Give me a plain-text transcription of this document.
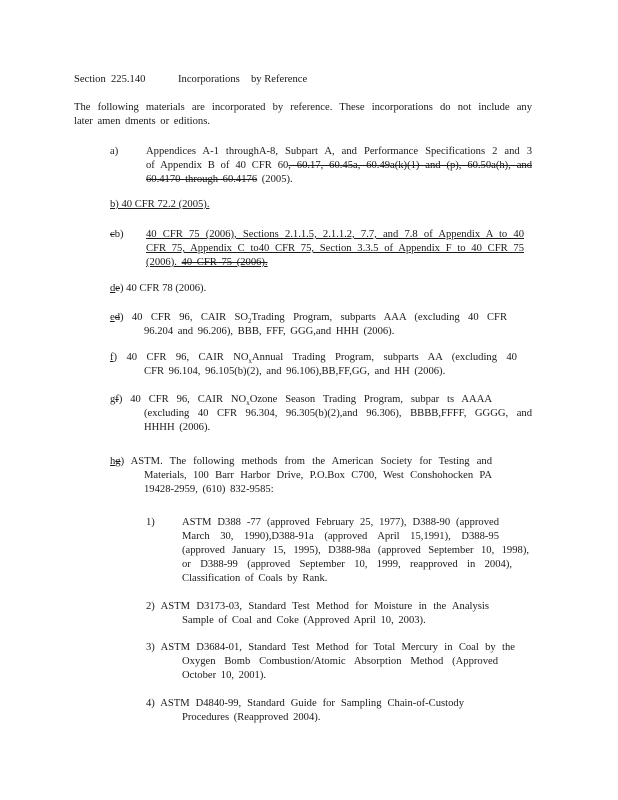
Section 225.140	Incorporations by Reference
The following materials are incorporated by reference. These incorporations do not include any
later amen dments or editions.
a)	Appendices A-1 throughA-8, Subpart A, and Performance Specifications 2 and 3
of Appendix B of 40 CFR 60, 60.17, 60.45a, 60.49a(k)(1) and (p), 60.50a(h), and
60.4170 through 60.4176 (2005).
b) 40 CFR 72.2 (2005).
cb) 40 CFR 75 (2006), Sections 2.1.1.5, 2.1.1.2, 7.7, and 7.8 of Appendix A to 40
CFR 75, Appendix C to40 CFR 75, Section 3.3.5 of Appendix F to 40 CFR 75
(2006). 40 CFR 75 (2006).
de) 40 CFR 78 (2006).
ed) 40 CFR 96, CAIR $SO_2Trading$ Program, subparts AAA (excluding 40 CFR
96.204 and 96.206), BBB, FFF, GGG,and HHH (2006).
f) 40 CFR 96, CAIR $NO_xAnnual$ Trading Program, subparts AA (excluding 40
CFR 96.104, 96.105(b)(2), and 96.106),BB,FF,GG, and HH (2006).
gf) 40 CFR 96, CAIR $NO_xOzone$ Season Trading Program, subpar ts AAAA
(excluding 40 CFR 96.304, 96.305(b)(2),and 96.306), BBBB,FFFF, GGGG, and
HHHH (2006).
hg) ASTM. The following methods from the American Society for Testing and
Materials, 100 Barr Harbor Drive, P.O.Box C700, West Conshohocken PA
19428-2959, (610) 832-9585:
1)	ASTM D388 -77 (approved February 25, 1977), D388-90 (approved
March 30, 1990),D388-91a (approved April 15,1991), D388-95
(approved January 15, 1995), D388-98a (approved September 10, 1998),
or D388-99 (approved September 10, 1999, reapproved in 2004),
Classification of Coals by Rank.
2) ASTM D3173-03, Standard Test Method for Moisture in the Analysis
Sample of Coal and Coke (Approved April 10, 2003).
3) ASTM D3684-01, Standard Test Method for Total Mercury in Coal by the
Oxygen Bomb Combustion/Atomic Absorption Method (Approved
October 10, 2001).
4) ASTM D4840-99, Standard Guide for Sampling Chain-of-Custody
Procedures (Reapproved 2004).
